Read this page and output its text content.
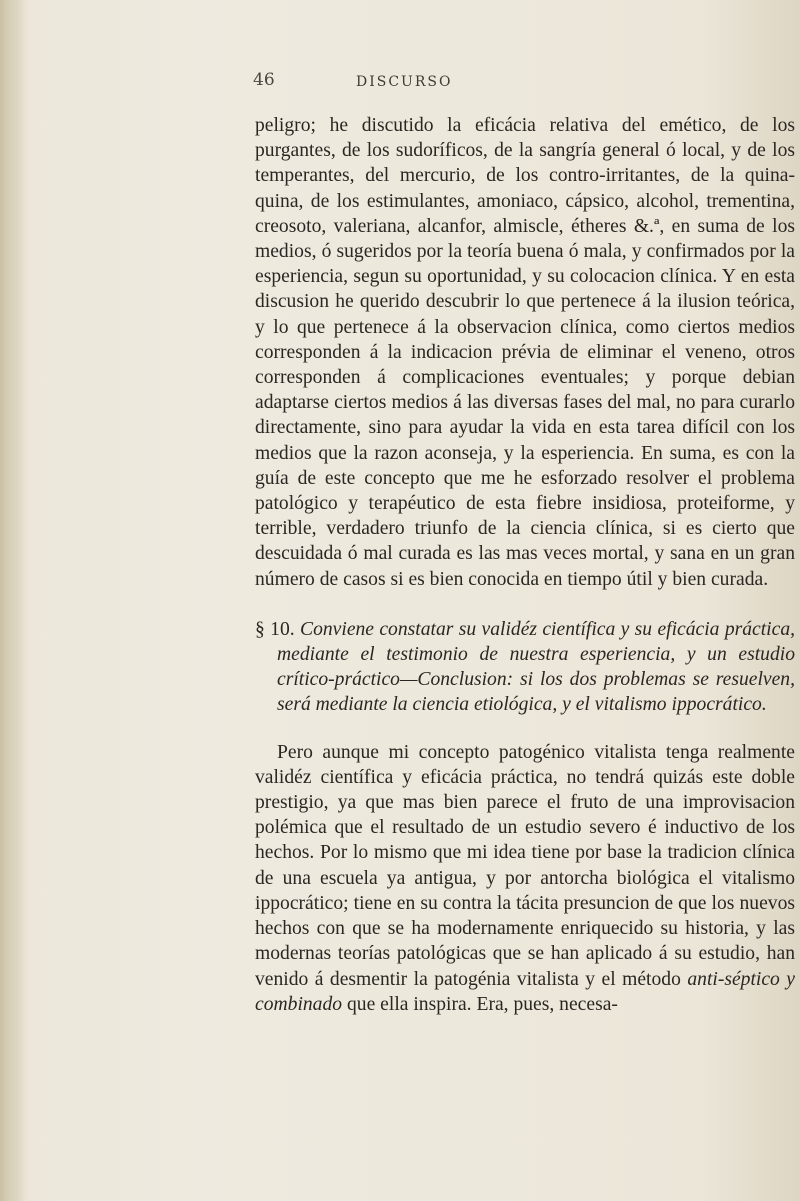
46	DISCURSO

peligro; he discutido la eficácia relativa del emético, de los purgantes, de los sudoríficos, de la sangría general ó local, y de los temperantes, del mercurio, de los contro-irritantes, de la quina-quina, de los estimulantes, amoniaco, cápsico, alcohol, trementina, creosoto, valeriana, alcanfor, almiscle, étheres &.ª, en suma de los medios, ó sugeridos por la teoría buena ó mala, y confirmados por la esperiencia, segun su oportunidad, y su colocacion clínica. Y en esta discusion he querido descubrir lo que pertenece á la ilusion teórica, y lo que pertenece á la observacion clínica, como ciertos medios corresponden á la indicacion prévia de eliminar el veneno, otros corresponden á complicaciones eventuales; y porque debian adaptarse ciertos medios á las diversas fases del mal, no para curarlo directamente, sino para ayudar la vida en esta tarea difícil con los medios que la razon aconseja, y la esperiencia. En suma, es con la guía de este concepto que me he esforzado resolver el problema patológico y terapéutico de esta fiebre insidiosa, proteiforme, y terrible, verdadero triunfo de la ciencia clínica, si es cierto que descuidada ó mal curada es las mas veces mortal, y sana en un gran número de casos si es bien conocida en tiempo útil y bien curada.

§ 10. Conviene constatar su validéz científica y su eficácia práctica, mediante el testimonio de nuestra esperiencia, y un estudio crítico-práctico—Conclusion: si los dos problemas se resuelven, será mediante la ciencia etiológica, y el vitalismo ippocrático.

Pero aunque mi concepto patogénico vitalista tenga realmente validéz científica y eficácia práctica, no tendrá quizás este doble prestigio, ya que mas bien parece el fruto de una improvisacion polémica que el resultado de un estudio severo é inductivo de los hechos. Por lo mismo que mi idea tiene por base la tradicion clínica de una escuela ya antigua, y por antorcha biológica el vitalismo ippocrático; tiene en su contra la tácita presuncion de que los nuevos hechos con que se ha modernamente enriquecido su historia, y las modernas teorías patológicas que se han aplicado á su estudio, han venido á desmentir la patogénia vitalista y el método anti-séptico y combinado que ella inspira. Era, pues, necesa-
